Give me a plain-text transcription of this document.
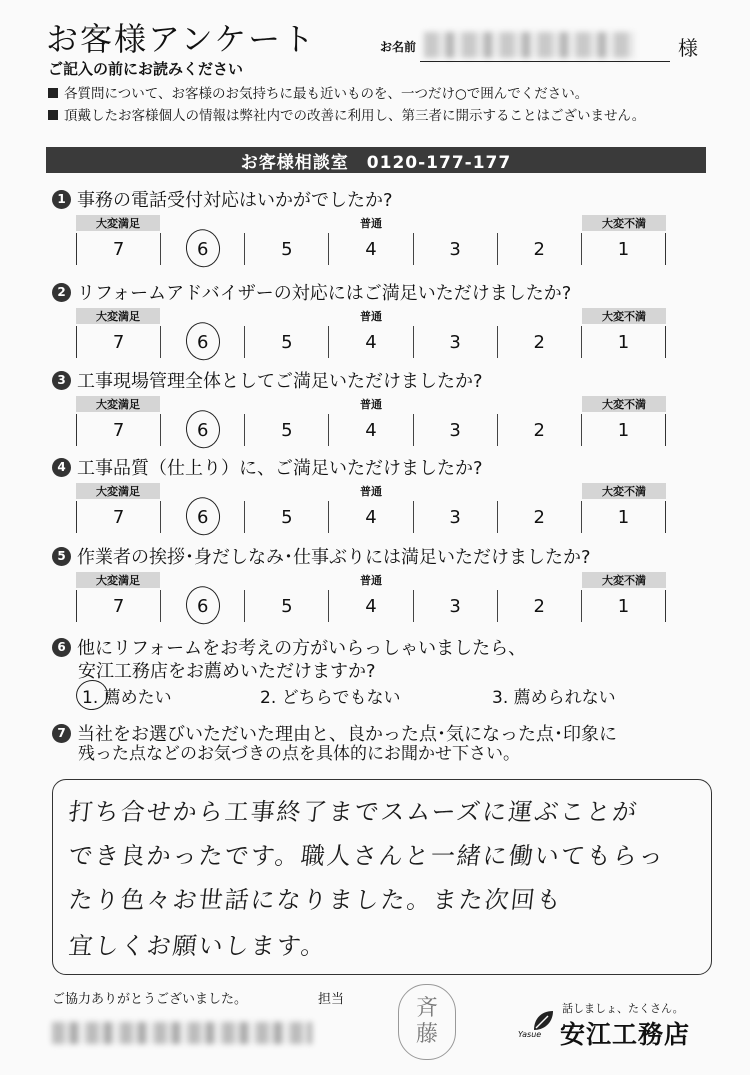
お客様アンケート	お名前	様
ご記入の前にお読みください
各質問について、お客様のお気持ちに最も近いものを、一つだけ○で囲んでください。
頂戴したお客様個人の情報は弊社内での改善に利用し、第三者に開示することはございません。
お客様相談室　0120-177-177
1 事務の電話受付対応はいかがでしたか?
大変満足	普通	大変不満
7	6	5	4	3	2	1
2 リフォームアドバイザーの対応にはご満足いただけましたか?
大変満足	普通	大変不満
7	6	5	4	3	2	1
3 工事現場管理全体としてご満足いただけましたか?
大変満足	普通	大変不満
7	6	5	4	3	2	1
4 工事品質（仕上り）に、ご満足いただけましたか?
大変満足	普通	大変不満
7	6	5	4	3	2	1
5 作業者の挨拶･身だしなみ･仕事ぶりには満足いただけましたか?
大変満足	普通	大変不満
7	6	5	4	3	2	1
6 他にリフォームをお考えの方がいらっしゃいましたら、
安江工務店をお薦めいただけますか?
1. 薦めたい	2. どちらでもない	3. 薦められない
7 当社をお選びいただいた理由と、良かった点･気になった点･印象に
残った点などのお気づきの点を具体的にお聞かせ下さい。
打ち合せから工事終了までスムーズに運ぶことが
でき良かったです。職人さんと一緒に働いてもらっ
たり色々お世話になりました。また次回も
宜しくお願いします。
ご協力ありがとうございました。	担当	斉
藤
話しましょ、たくさん。
Yasue 安江工務店
